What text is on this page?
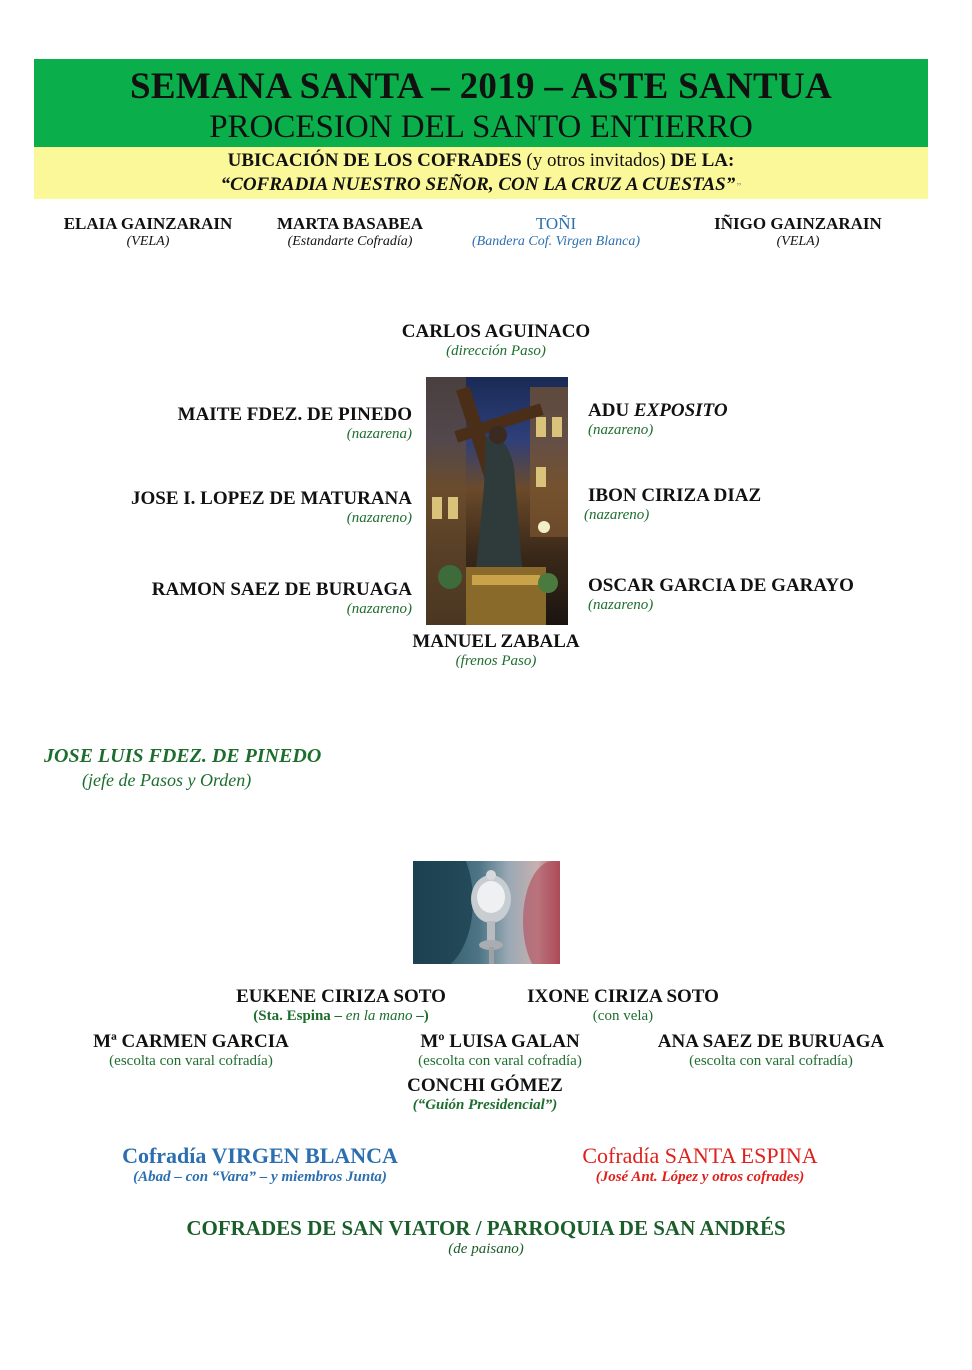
SEMANA SANTA – 2019 – ASTE SANTUA
PROCESION DEL SANTO ENTIERRO
UBICACIÓN DE LOS COFRADES (y otros invitados) DE LA:
“COFRADIA NUESTRO SEÑOR, CON LA CRUZ A CUESTAS””
ELAIA GAINZARAIN
(VELA)
MARTA BASABEA
(Estandarte Cofradía)
TOÑI
(Bandera Cof. Virgen Blanca)
IÑIGO GAINZARAIN
(VELA)
CARLOS AGUINACO
(dirección Paso)
MAITE FDEZ. DE PINEDO
(nazarena)
JOSE I. LOPEZ DE MATURANA
(nazareno)
RAMON SAEZ DE BURUAGA
(nazareno)
ADU EXPOSITO
(nazareno)
IBON CIRIZA DIAZ
(nazareno)
OSCAR GARCIA DE GARAYO
(nazareno)
MANUEL ZABALA
(frenos Paso)
JOSE LUIS FDEZ. DE PINEDO
(jefe de Pasos y Orden)
EUKENE CIRIZA SOTO
(Sta. Espina – en la mano –)
IXONE CIRIZA SOTO
(con vela)
Mª CARMEN GARCIA
(escolta con varal cofradía)
Mº LUISA GALAN
(escolta con varal cofradía)
ANA SAEZ DE BURUAGA
(escolta con varal cofradía)
CONCHI GÓMEZ
(“Guión Presidencial”)
Cofradía VIRGEN BLANCA
(Abad – con “Vara” – y miembros Junta)
Cofradía SANTA ESPINA
(José Ant. López y otros cofrades)
COFRADES DE SAN VIATOR / PARROQUIA DE SAN ANDRÉS
(de paisano)
